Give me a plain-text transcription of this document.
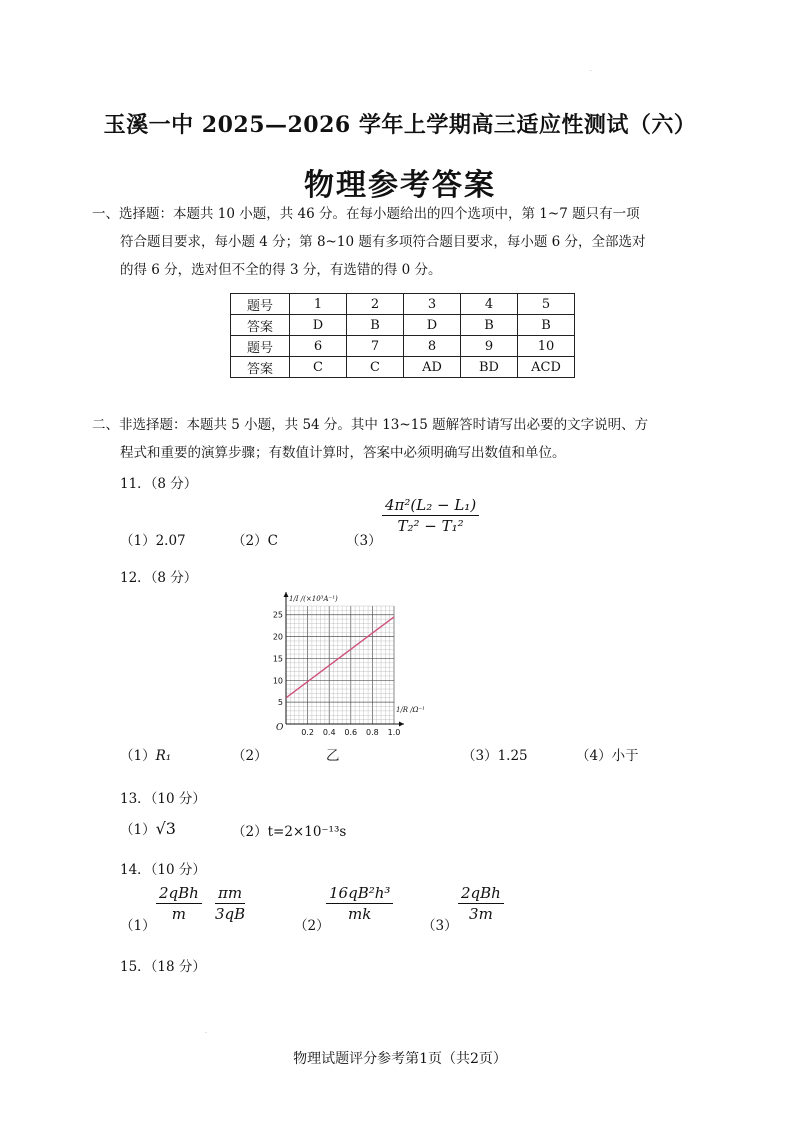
·
·
玉溪一中 2025—2026 学年上学期高三适应性测试（六）
物理参考答案
一、选择题：本题共 10 小题，共 46 分。在每小题给出的四个选项中，第 1~7 题只有一项
符合题目要求，每小题 4 分；第 8~10 题有多项符合题目要求，每小题 6 分，全部选对
的得 6 分，选对但不全的得 3 分，有选错的得 0 分。
题号	1	2	3	4	5
答案	D	B	D	B	B
题号	6	7	8	9	10
答案	C	C	AD	BD	ACD
二、非选择题：本题共 5 小题，共 54 分。其中 13~15 题解答时请写出必要的文字说明、方
程式和重要的演算步骤；有数值计算时，答案中必须明确写出数值和单位。
11．（8 分）
（1）2.07	（2）C	（3）
$\frac{\text{4π²(L₂ − L₁)}}{\text{T₂² − T₁²}}$
12．（8 分）
0.2 0.4 0.6 0.8 1.0
5
10
15
20
25
O
1/I /(×10³A⁻¹)
1/R /Ω⁻¹
（1）R₁	（2）	乙	（3）1.25	（4）小于
13．（10 分）
（1）√3	（2）t=2×10⁻¹³s
14．（10 分）
（1）
$\frac{\text{2qBh}}{m} \frac{\pi m}{3qB}$
（2）
$\frac{\text{16qB²h³}}{mk}$
（3）
$\frac{\text{2qBh}}{3m}$
15．（18 分）
物理试题评分参考第1页（共2页）
